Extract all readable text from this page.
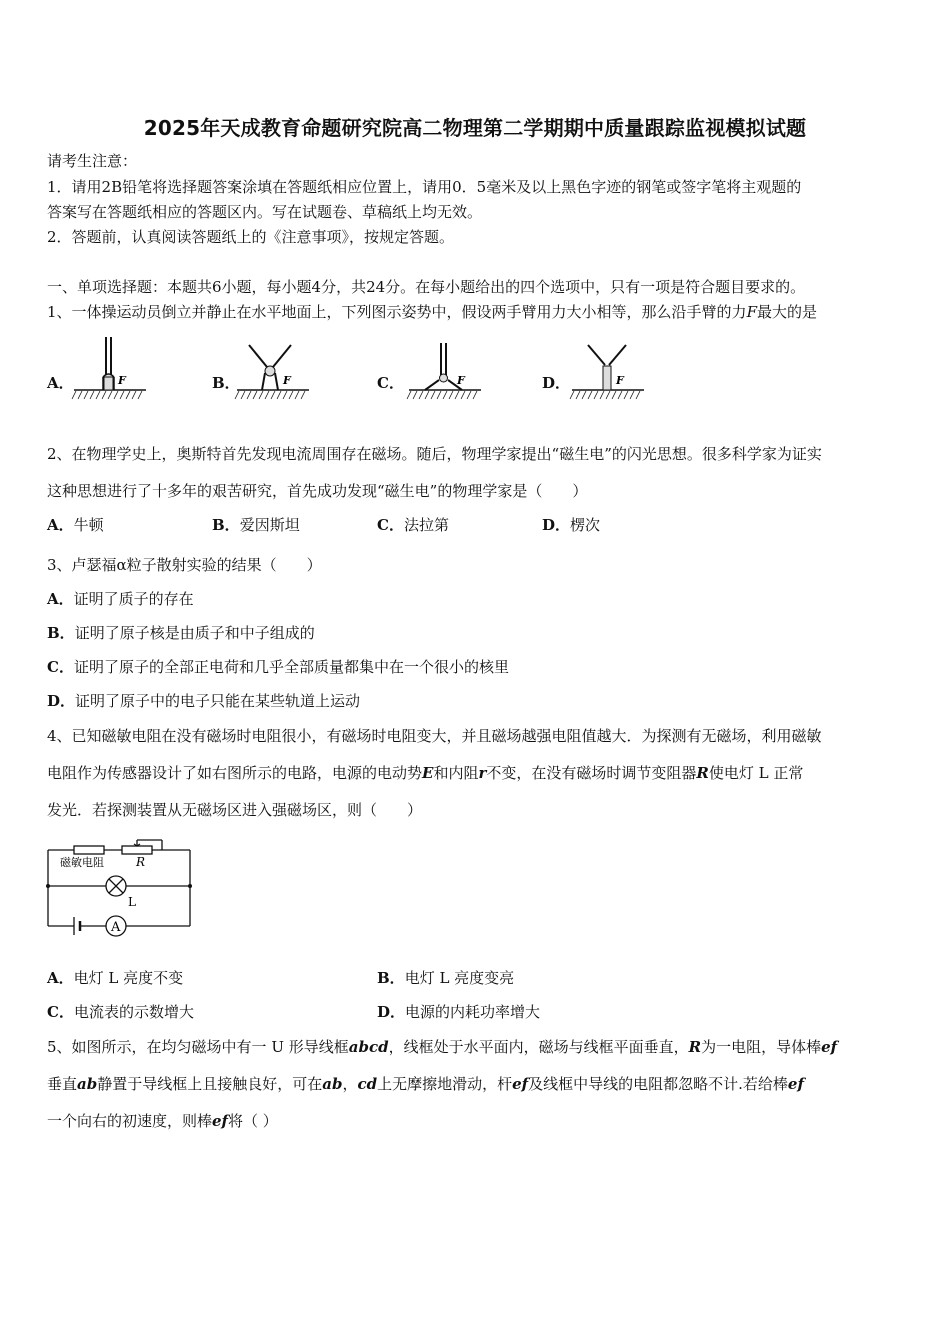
2025年天成教育命题研究院高二物理第二学期期中质量跟踪监视模拟试题
请考生注意：
1．请用2B铅笔将选择题答案涂填在答题纸相应位置上，请用0．5毫米及以上黑色字迹的钢笔或签字笔将主观题的
答案写在答题纸相应的答题区内。写在试题卷、草稿纸上均无效。
2．答题前，认真阅读答题纸上的《注意事项》，按规定答题。
一、单项选择题：本题共6小题，每小题4分，共24分。在每小题给出的四个选项中，只有一项是符合题目要求的。
1、一体操运动员倒立并静止在水平地面上，下列图示姿势中，假设两手臂用力大小相等，那么沿手臂的力F最大的是
A．	F	B．	F	C．	F	D．	F
2、在物理学史上，奥斯特首先发现电流周围存在磁场。随后，物理学家提出“磁生电”的闪光思想。很多科学家为证实
这种思想进行了十多年的艰苦研究，首先成功发现“磁生电”的物理学家是（　　）
A．牛顿	B．爱因斯坦	C．法拉第	D．楞次
3、卢瑟福α粒子散射实验的结果（　　）
A．证明了质子的存在
B．证明了原子核是由质子和中子组成的
C．证明了原子的全部正电荷和几乎全部质量都集中在一个很小的核里
D．证明了原子中的电子只能在某些轨道上运动
4、已知磁敏电阻在没有磁场时电阻很小，有磁场时电阻变大，并且磁场越强电阻值越大．为探测有无磁场，利用磁敏
电阻作为传感器设计了如右图所示的电路，电源的电动势E和内阻r不变，在没有磁场时调节变阻器R使电灯 L 正常
发光．若探测装置从无磁场区进入强磁场区，则（　　）
磁敏电阻	R
L
A
A．电灯 L 亮度不变	B．电灯 L 亮度变亮
C．电流表的示数增大	D．电源的内耗功率增大
5、如图所示，在均匀磁场中有一 U 形导线框abcd，线框处于水平面内，磁场与线框平面垂直，R为一电阻，导体棒ef
垂直ab静置于导线框上且接触良好，可在ab，cd上无摩擦地滑动，杆ef及线框中导线的电阻都忽略不计.若给棒ef
一个向右的初速度，则棒ef将（ ）
